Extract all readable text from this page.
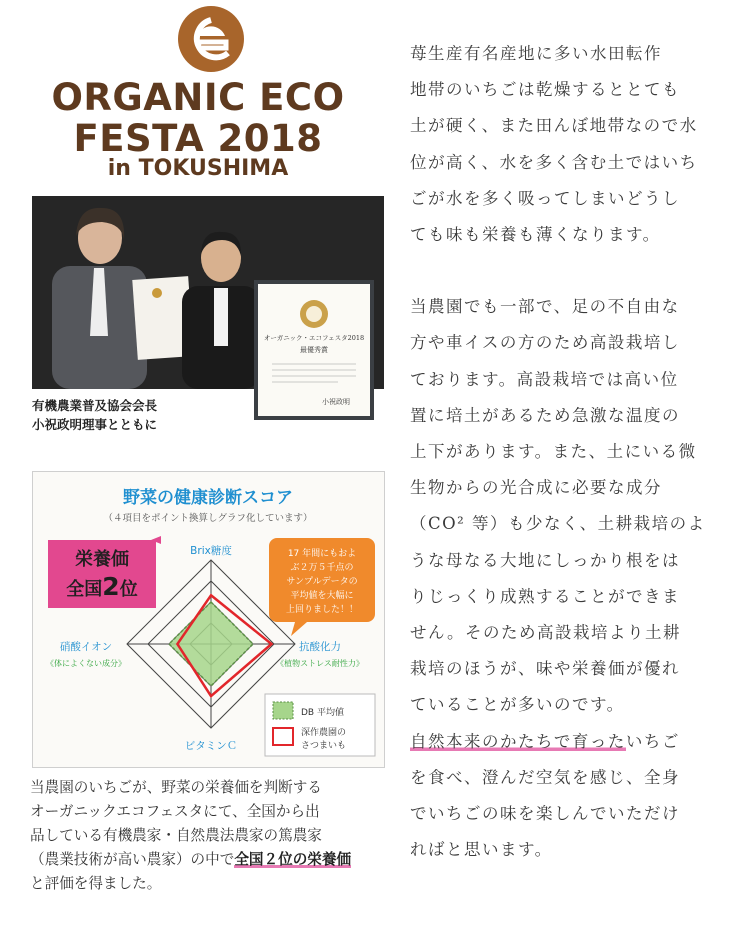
ORGANIC ECO
FESTA 2018
in TOKUSHIMA
有機農業普及協会会長
小祝政明理事とともに
オーガニック・エコフェスタ2018
最優秀賞
小祝政明
野菜の健康診断スコア
（４項目をポイント換算しグラフ化しています）
栄養価
全国2位
17 年間にもおよ
ぶ２万５千点の
サンプルデータの
平均値を大幅に
上回りました！！
Brix糖度
抗酸化力
《植物ストレス耐性力》
ビタミンＣ
硝酸イオン
《体によくない成分》
DB 平均値
深作農園の
さつまいも
当農園のいちごが、野菜の栄養価を判断する
オーガニックエコフェスタにて、全国から出
品している有機農家・自然農法農家の篤農家
（農業技術が高い農家）の中で全国２位の栄養価
と評価を得ました。

苺生産有名産地に多い水田転作

地帯のいちごは乾燥するととても

土が硬く、また田んぼ地帯なので水

位が高く、水を多く含む土ではいち

ごが水を多く吸ってしまいどうし

ても味も栄養も薄くなります。

当農園でも一部で、足の不自由な

方や車イスの方のため高設栽培し

ております。高設栽培では高い位

置に培土があるため急激な温度の

上下があります。また、土にいる微

生物からの光合成に必要な成分

（CO² 等）も少なく、土耕栽培のよ

うな母なる大地にしっかり根をは

りじっくり成熟することができま

せん。そのため高設栽培より土耕

栽培のほうが、味や栄養価が優れ

ていることが多いのです。

自然本来のかたちで育ったいちご

を食べ、澄んだ空気を感じ、全身

でいちごの味を楽しんでいただけ

ればと思います。
